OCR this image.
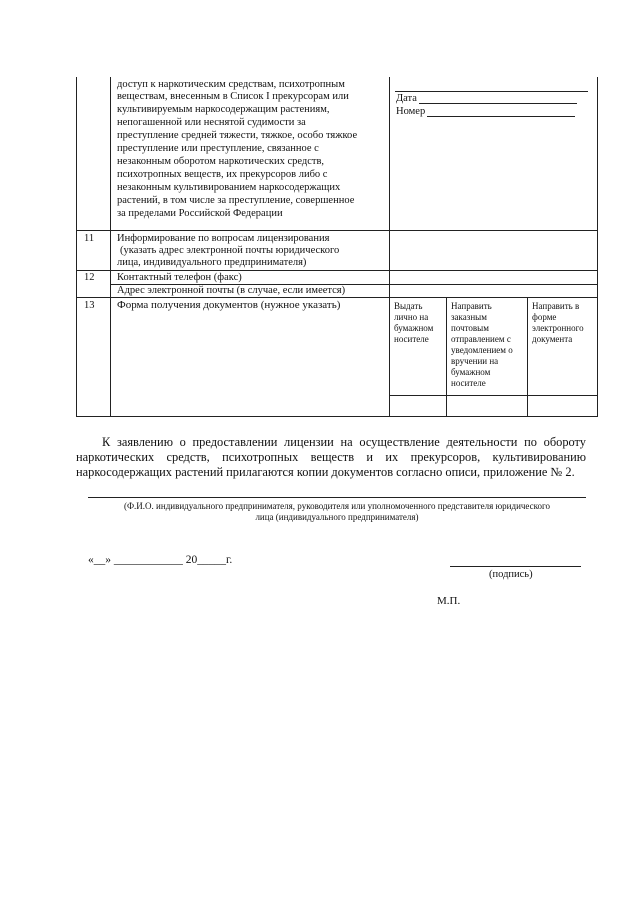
доступ к наркотическим средствам, психотропным
веществам, внесенным в Список I прекурсорам или
культивируемым наркосодержащим растениям,
непогашенной или неснятой судимости за
преступление средней тяжести, тяжкое, особо тяжкое
преступление или преступление, связанное с
незаконным оборотом наркотических средств,
психотропных веществ, их прекурсоров либо с
незаконным культивированием наркосодержащих
растений, в том числе за преступление, совершенное
за пределами Российской Федерации
Дата
Номер
11 Информирование по вопросам лицензирования
(указать адрес электронной почты юридического
лица, индивидуального предпринимателя)
12 Контактный телефон (факс)
Адрес электронной почты (в случае, если имеется)
13 Форма получения документов (нужное указать)	Выдать
лично на
бумажном
носителе
Направить
заказным
почтовым
отправлением с
уведомлением о
вручении на
бумажном
носителе
Направить в
форме
электронного
документа
К заявлению о предоставлении лицензии на осуществление деятельности по обороту
наркотических средств, психотропных веществ и их прекурсоров, культивированию
наркосодержащих растений прилагаются копии документов согласно описи, приложение № 2.
(Ф.И.О. индивидуального предпринимателя, руководителя или уполномоченного представителя юридического
лица (индивидуального предпринимателя)
«__» ____________ 20_____г.
(подпись)
М.П.
